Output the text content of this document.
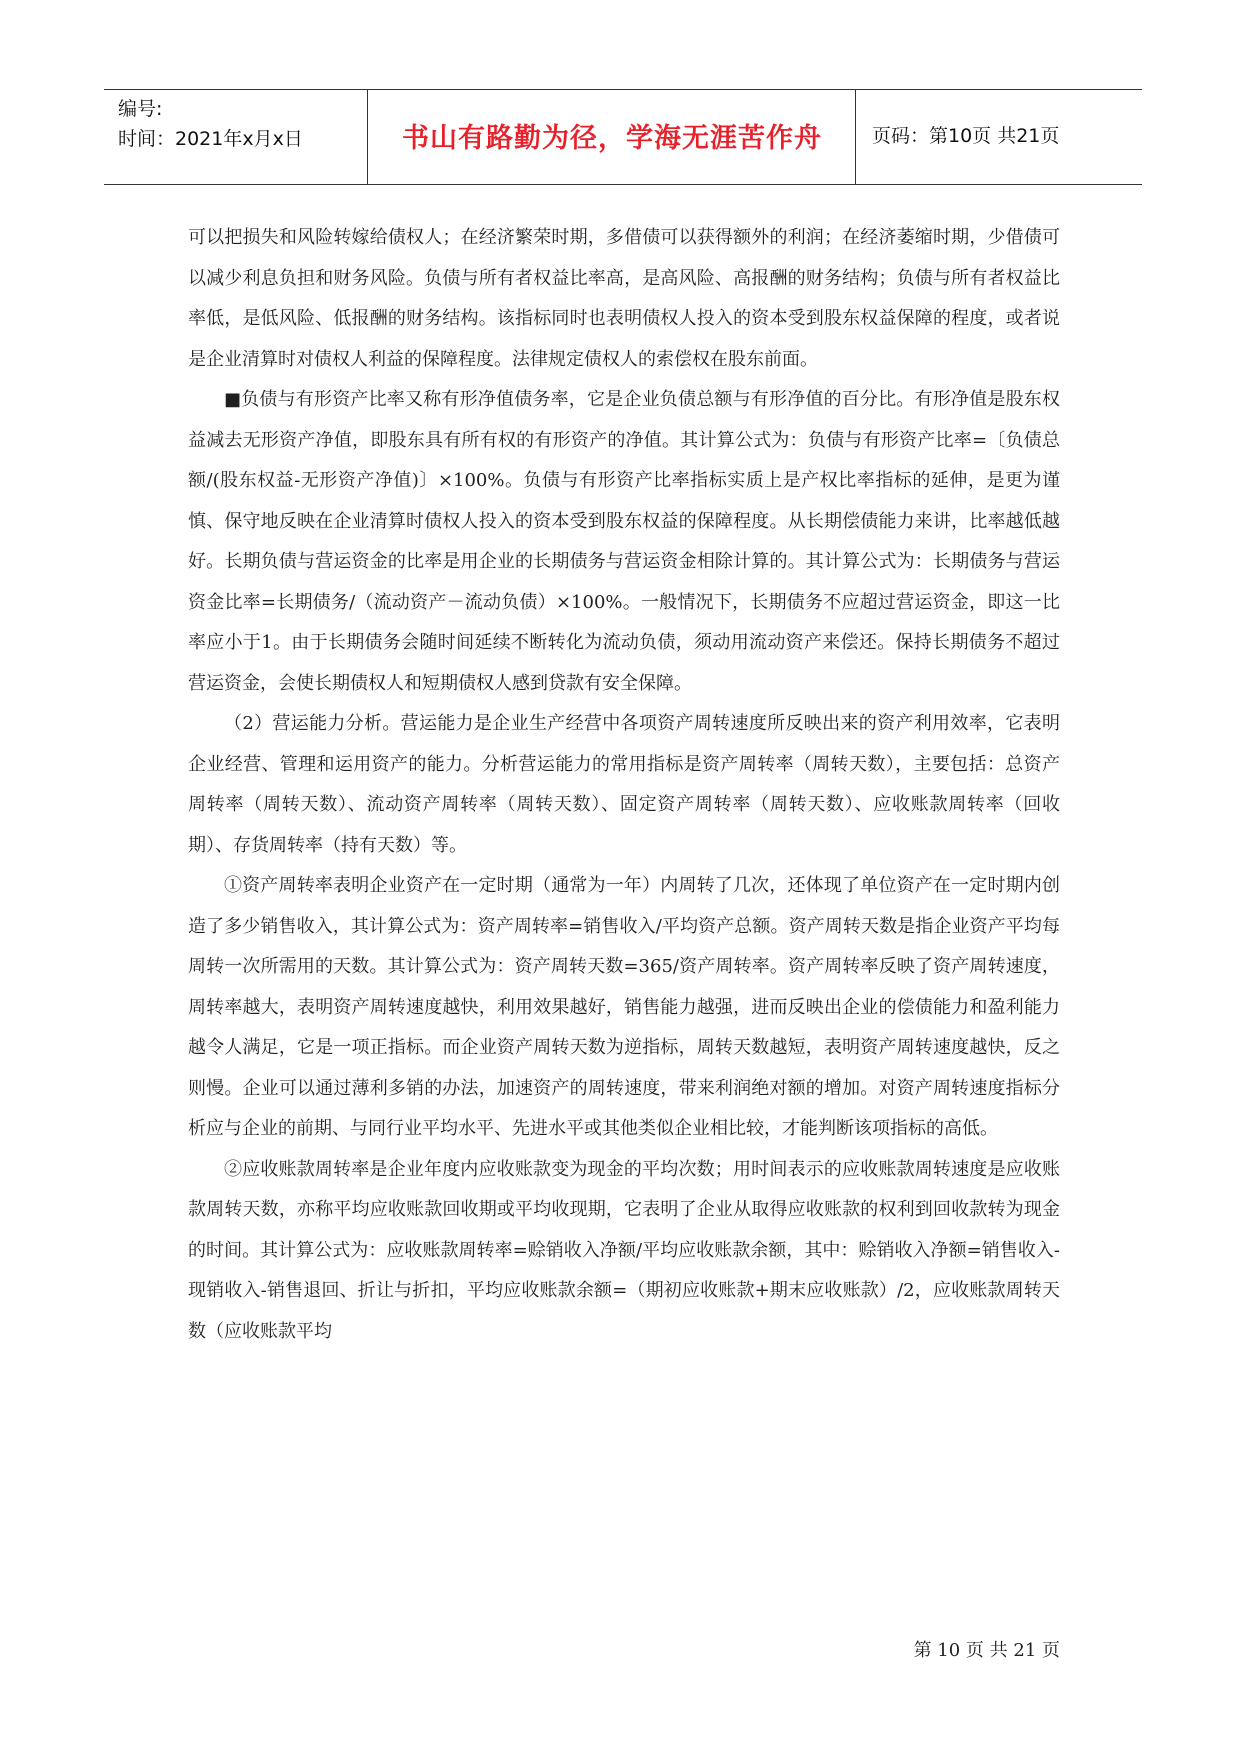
编号:
时间：2021年x月x日	书山有路勤为径，学海无涯苦作舟	页码：第10页 共21页

可以把损失和风险转嫁给债权人；在经济繁荣时期，多借债可以获得额外的利润；在经济萎缩时期，少借债可以减少利息负担和财务风险。负债与所有者权益比率高，是高风险、高报酬的财务结构；负债与所有者权益比率低，是低风险、低报酬的财务结构。该指标同时也表明债权人投入的资本受到股东权益保障的程度，或者说是企业清算时对债权人利益的保障程度。法律规定债权人的索偿权在股东前面。

■负债与有形资产比率又称有形净值债务率，它是企业负债总额与有形净值的百分比。有形净值是股东权益减去无形资产净值，即股东具有所有权的有形资产的净值。其计算公式为：负债与有形资产比率=〔负债总额/(股东权益-无形资产净值)〕×100%。负债与有形资产比率指标实质上是产权比率指标的延伸，是更为谨慎、保守地反映在企业清算时债权人投入的资本受到股东权益的保障程度。从长期偿债能力来讲，比率越低越好。长期负债与营运资金的比率是用企业的长期债务与营运资金相除计算的。其计算公式为：长期债务与营运资金比率=长期债务/（流动资产－流动负债）×100%。一般情况下，长期债务不应超过营运资金，即这一比率应小于1。由于长期债务会随时间延续不断转化为流动负债，须动用流动资产来偿还。保持长期债务不超过营运资金，会使长期债权人和短期债权人感到贷款有安全保障。

（2）营运能力分析。营运能力是企业生产经营中各项资产周转速度所反映出来的资产利用效率，它表明企业经营、管理和运用资产的能力。分析营运能力的常用指标是资产周转率（周转天数），主要包括：总资产周转率（周转天数）、流动资产周转率（周转天数）、固定资产周转率（周转天数）、应收账款周转率（回收期）、存货周转率（持有天数）等。

①资产周转率表明企业资产在一定时期（通常为一年）内周转了几次，还体现了单位资产在一定时期内创造了多少销售收入，其计算公式为：资产周转率=销售收入/平均资产总额。资产周转天数是指企业资产平均每周转一次所需用的天数。其计算公式为：资产周转天数=365/资产周转率。资产周转率反映了资产周转速度，周转率越大，表明资产周转速度越快，利用效果越好，销售能力越强，进而反映出企业的偿债能力和盈利能力越令人满足，它是一项正指标。而企业资产周转天数为逆指标，周转天数越短，表明资产周转速度越快，反之则慢。企业可以通过薄利多销的办法，加速资产的周转速度，带来利润绝对额的增加。对资产周转速度指标分析应与企业的前期、与同行业平均水平、先进水平或其他类似企业相比较，才能判断该项指标的高低。

②应收账款周转率是企业年度内应收账款变为现金的平均次数；用时间表示的应收账款周转速度是应收账款周转天数，亦称平均应收账款回收期或平均收现期，它表明了企业从取得应收账款的权利到回收款转为现金的时间。其计算公式为：应收账款周转率=赊销收入净额/平均应收账款余额，其中：赊销收入净额=销售收入-现销收入-销售退回、折让与折扣，平均应收账款余额=（期初应收账款+期末应收账款）/2，应收账款周转天数（应收账款平均

第 10 页 共 21 页
